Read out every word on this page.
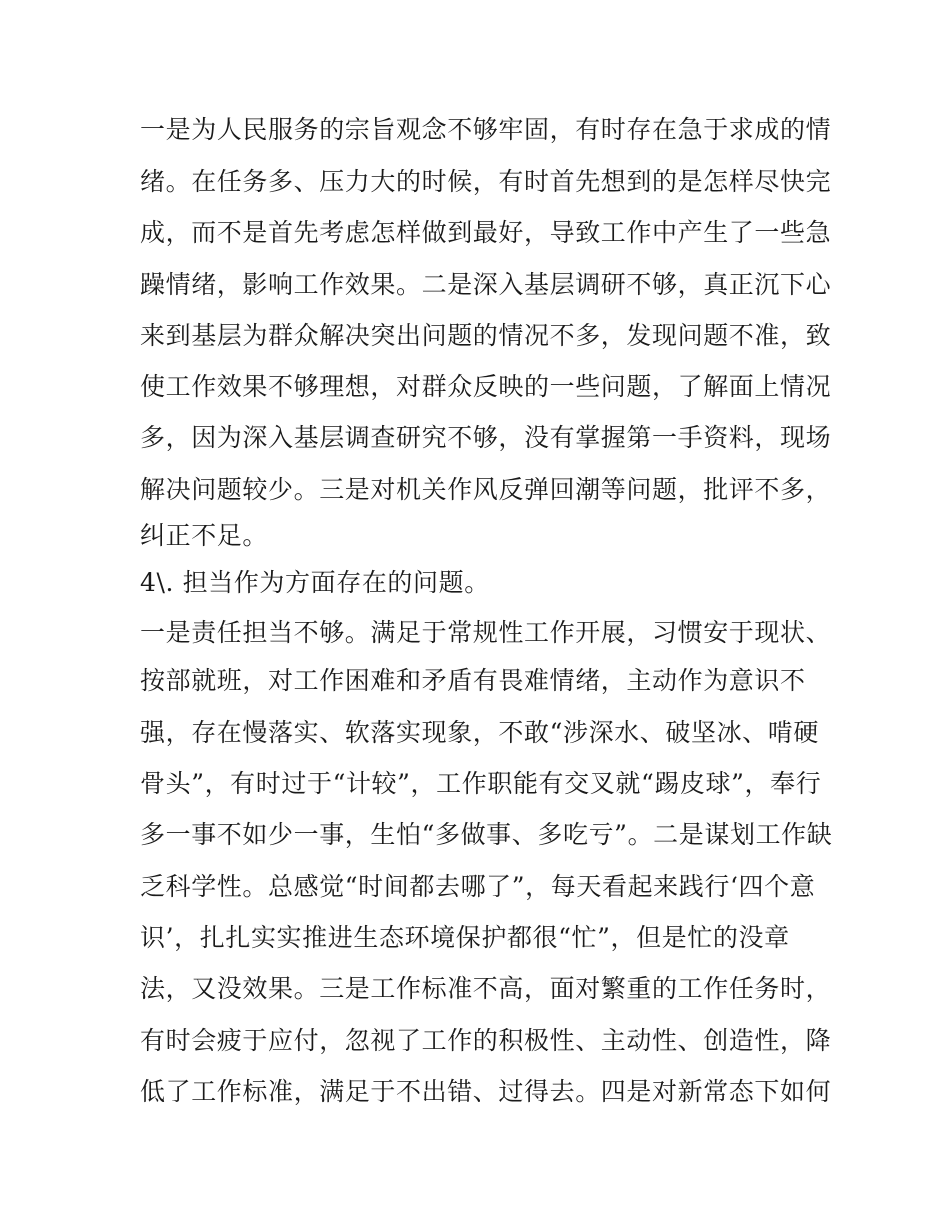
一是为人民服务的宗旨观念不够牢固，有时存在急于求成的情
绪。在任务多、压力大的时候，有时首先想到的是怎样尽快完
成，而不是首先考虑怎样做到最好，导致工作中产生了一些急
躁情绪，影响工作效果。二是深入基层调研不够，真正沉下心
来到基层为群众解决突出问题的情况不多，发现问题不准，致
使工作效果不够理想，对群众反映的一些问题，了解面上情况
多，因为深入基层调查研究不够，没有掌握第一手资料，现场
解决问题较少。三是对机关作风反弹回潮等问题，批评不多，
纠正不足。
4\. 担当作为方面存在的问题。
一是责任担当不够。满足于常规性工作开展，习惯安于现状、
按部就班，对工作困难和矛盾有畏难情绪，主动作为意识不
强，存在慢落实、软落实现象，不敢“涉深水、破坚冰、啃硬
骨头”，有时过于“计较”，工作职能有交叉就“踢皮球”，奉行
多一事不如少一事，生怕“多做事、多吃亏”。二是谋划工作缺
乏科学性。总感觉“时间都去哪了”，每天看起来践行‘四个意
识’，扎扎实实推进生态环境保护都很“忙”，但是忙的没章
法，又没效果。三是工作标准不高，面对繁重的工作任务时，
有时会疲于应付，忽视了工作的积极性、主动性、创造性，降
低了工作标准，满足于不出错、过得去。四是对新常态下如何
